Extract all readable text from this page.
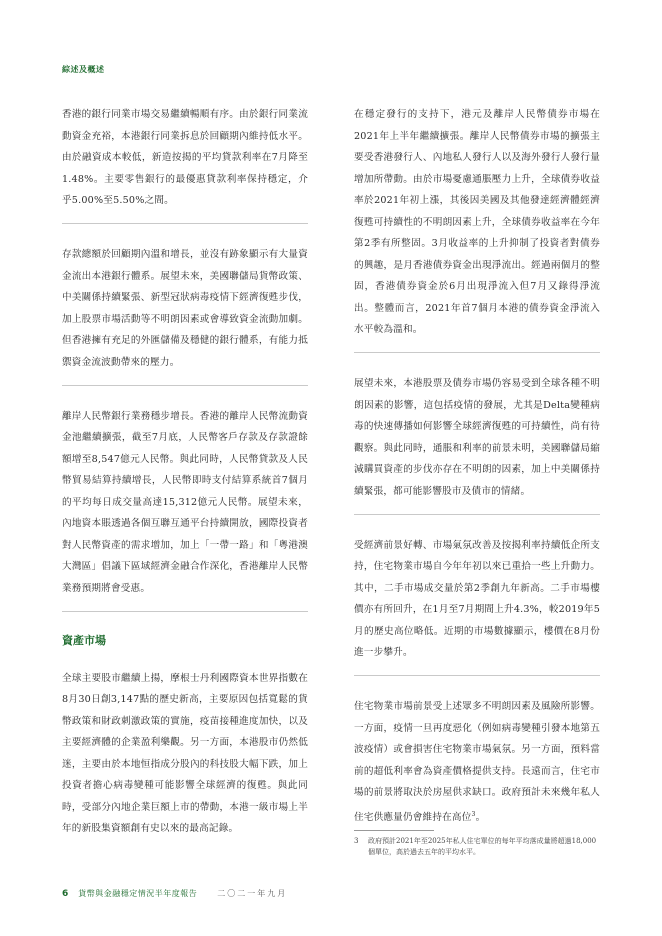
綜述及概述

香港的銀行同業市場交易繼續暢順有序。由於銀行同業流動資金充裕，本港銀行同業拆息於回顧期內維持低水平。由於融資成本較低，新造按揭的平均貸款利率在7月降至1.48%。主要零售銀行的最優惠貸款利率保持穩定，介乎5.00%至5.50%之間。

存款總額於回顧期內溫和增長，並沒有跡象顯示有大量資金流出本港銀行體系。展望未來，美國聯儲局貨幣政策、中美關係持續緊張、新型冠狀病毒疫情下經濟復甦步伐，加上股票市場活動等不明朗因素或會導致資金流動加劇。但香港擁有充足的外匯儲備及穩健的銀行體系，有能力抵禦資金流波動帶來的壓力。

離岸人民幣銀行業務穩步增長。香港的離岸人民幣流動資金池繼續擴張，截至7月底，人民幣客戶存款及存款證餘額增至8,547億元人民幣。與此同時，人民幣貸款及人民幣貿易結算持續增長，人民幣即時支付結算系統首7個月的平均每日成交量高達15,312億元人民幣。展望未來，內地資本賬透過各個互聯互通平台持續開放，國際投資者對人民幣資產的需求增加，加上「一帶一路」和「粵港澳大灣區」倡議下區域經濟金融合作深化，香港離岸人民幣業務預期將會受惠。

資產市場

全球主要股市繼續上揚，摩根士丹利國際資本世界指數在8月30日創3,147點的歷史新高，主要原因包括寬鬆的貨幣政策和財政刺激政策的實施，疫苗接種進度加快，以及主要經濟體的企業盈利樂觀。另一方面，本港股市仍然低迷，主要由於本地恒指成分股內的科技股大幅下跌，加上投資者擔心病毒變種可能影響全球經濟的復甦。與此同時，受部分內地企業巨額上市的帶動，本港一級市場上半年的新股集資額創有史以來的最高記錄。

在穩定發行的支持下，港元及離岸人民幣債券市場在2021年上半年繼續擴張。離岸人民幣債券市場的擴張主要受香港發行人、內地私人發行人以及海外發行人發行量增加所帶動。由於市場憂慮通脹壓力上升，全球債券收益率於2021年初上漲，其後因美國及其他發達經濟體經濟復甦可持續性的不明朗因素上升，全球債券收益率在今年第2季有所整固。3月收益率的上升抑制了投資者對債券的興趣，是月香港債券資金出現淨流出。經過兩個月的整固，香港債券資金於6月出現淨流入但7月又錄得淨流出。整體而言，2021年首7個月本港的債券資金淨流入水平較為溫和。

展望未來，本港股票及債券市場仍容易受到全球各種不明朗因素的影響，這包括疫情的發展，尤其是Delta變種病毒的快速傳播如何影響全球經濟復甦的可持續性，尚有待觀察。與此同時，通脹和利率的前景未明，美國聯儲局縮減購買資產的步伐亦存在不明朗的因素，加上中美關係持續緊張，都可能影響股市及債市的情緒。

受經濟前景好轉、市場氣氛改善及按揭利率持續低企所支持，住宅物業市場自今年年初以來已重拾一些上升動力。其中，二手市場成交量於第2季創九年新高。二手市場樓價亦有所回升，在1月至7月期間上升4.3%，較2019年5月的歷史高位略低。近期的市場數據顯示，樓價在8月份進一步攀升。

住宅物業市場前景受上述眾多不明朗因素及風險所影響。一方面，疫情一旦再度惡化（例如病毒變種引發本地第五波疫情）或會損害住宅物業市場氣氛。另一方面，預料當前的超低利率會為資產價格提供支持。長遠而言，住宅市場的前景將取決於房屋供求缺口。政府預計未來幾年私人住宅供應量仍會維持在高位$^3$。

3	政府預計2021年至2025年私人住宅單位的每年平均落成量將超過18,000個單位，高於過去五年的平均水平。
6 貨幣與金融穩定情況半年度報告	二〇二一年九月
